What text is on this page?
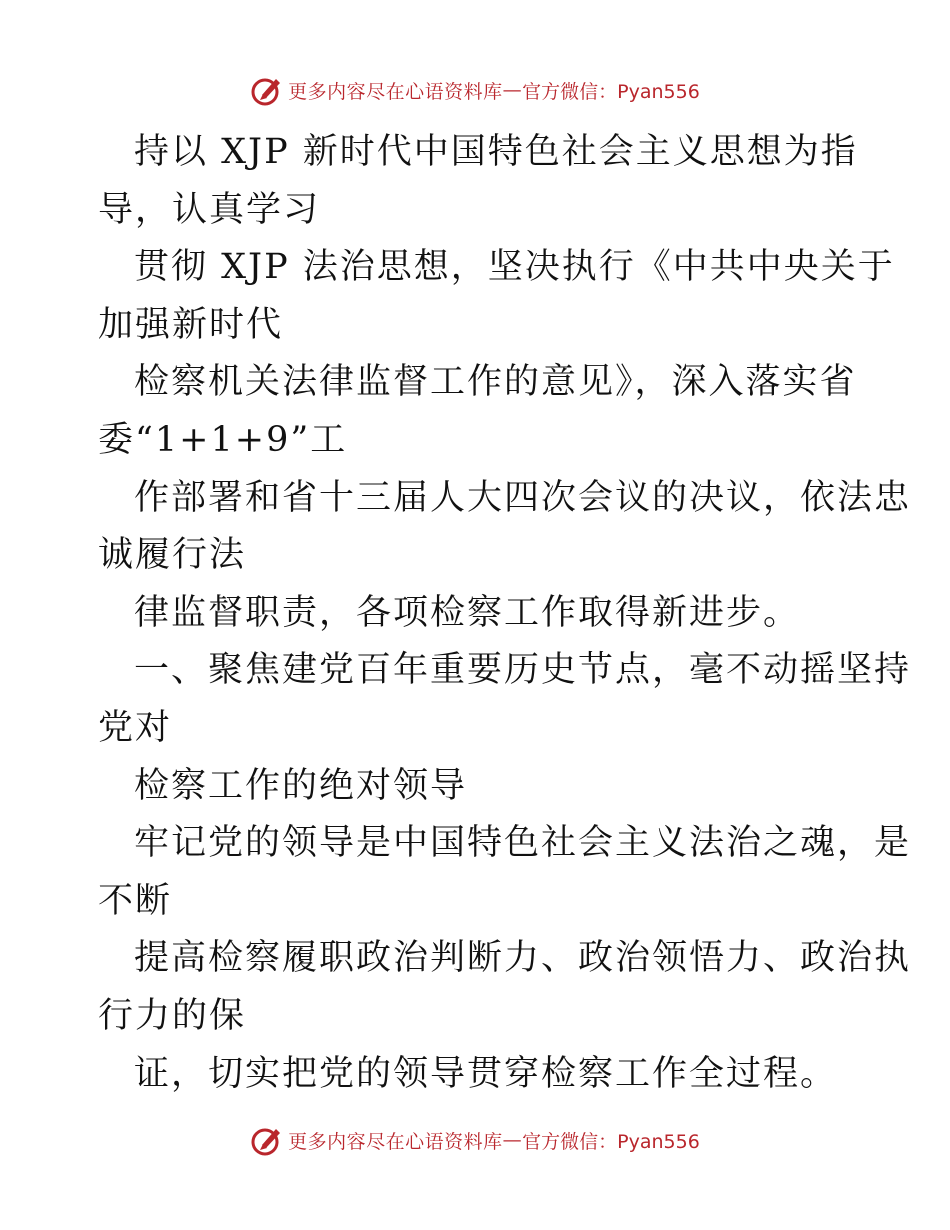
更多内容尽在心语资料库 — 官方微信：Pyan556
持以 XJP 新时代中国特色社会主义思想为指
导，认真学习
贯彻 XJP 法治思想，坚决执行《中共中央关于
加强新时代
检察机关法律监督工作的意见》，深入落实省
委“1+1+9”工
作部署和省十三届人大四次会议的决议，依法忠
诚履行法
律监督职责，各项检察工作取得新进步。
一、聚焦建党百年重要历史节点，毫不动摇坚持
党对
检察工作的绝对领导
牢记党的领导是中国特色社会主义法治之魂，是
不断
提高检察履职政治判断力、政治领悟力、政治执
行力的保
证，切实把党的领导贯穿检察工作全过程。
更多内容尽在心语资料库 — 官方微信：Pyan556
